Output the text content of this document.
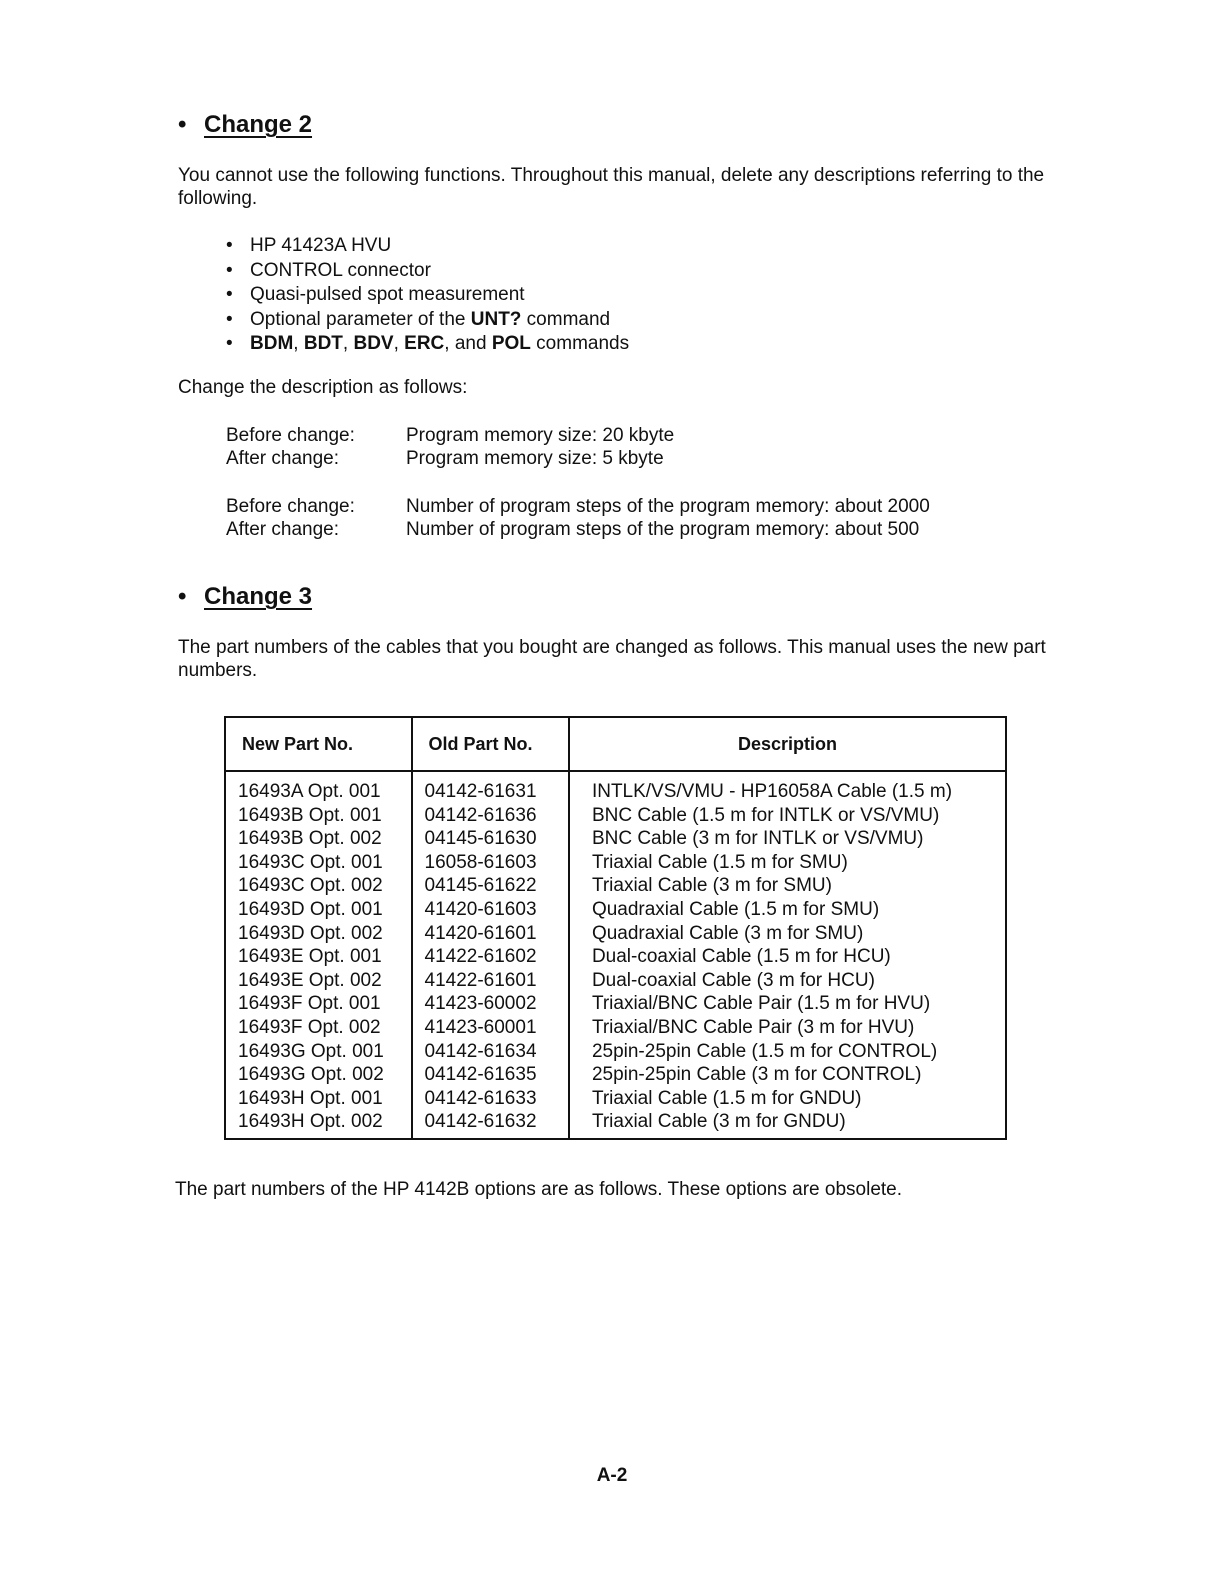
• Change 2
You cannot use the following functions. Throughout this manual, delete any descriptions referring to the following.
• HP 41423A HVU
• CONTROL connector
• Quasi-pulsed spot measurement
• Optional parameter of the UNT? command
• BDM, BDT, BDV, ERC, and POL commands
Change the description as follows:
Before change:	Program memory size: 20 kbyte
After change:	Program memory size: 5 kbyte
Before change:	Number of program steps of the program memory: about 2000
After change:	Number of program steps of the program memory: about 500
• Change 3
The part numbers of the cables that you bought are changed as follows. This manual uses the new part numbers.
New Part No.	Old Part No.	Description
16493A Opt. 001	04142-61631	INTLK/VS/VMU - HP16058A Cable (1.5 m)
16493B Opt. 001	04142-61636	BNC Cable (1.5 m for INTLK or VS/VMU)
16493B Opt. 002	04145-61630	BNC Cable (3 m for INTLK or VS/VMU)
16493C Opt. 001	16058-61603	Triaxial Cable (1.5 m for SMU)
16493C Opt. 002	04145-61622	Triaxial Cable (3 m for SMU)
16493D Opt. 001	41420-61603	Quadraxial Cable (1.5 m for SMU)
16493D Opt. 002	41420-61601	Quadraxial Cable (3 m for SMU)
16493E Opt. 001	41422-61602	Dual-coaxial Cable (1.5 m for HCU)
16493E Opt. 002	41422-61601	Dual-coaxial Cable (3 m for HCU)
16493F Opt. 001	41423-60002	Triaxial/BNC Cable Pair (1.5 m for HVU)
16493F Opt. 002	41423-60001	Triaxial/BNC Cable Pair (3 m for HVU)
16493G Opt. 001	04142-61634	25pin-25pin Cable (1.5 m for CONTROL)
16493G Opt. 002	04142-61635	25pin-25pin Cable (3 m for CONTROL)
16493H Opt. 001	04142-61633	Triaxial Cable (1.5 m for GNDU)
16493H Opt. 002	04142-61632	Triaxial Cable (3 m for GNDU)
The part numbers of the HP 4142B options are as follows. These options are obsolete.
A-2
